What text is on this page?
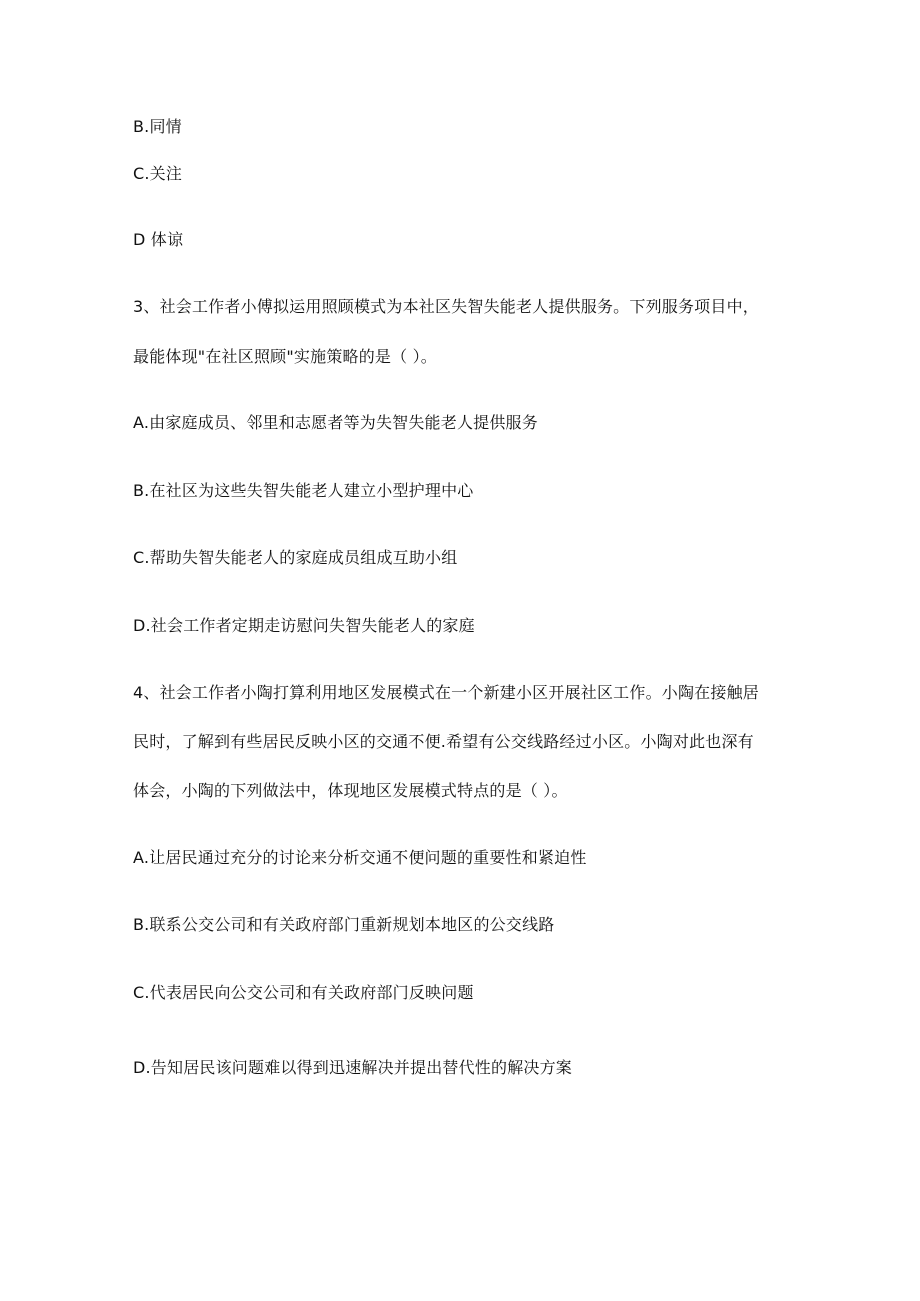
B.同情
C.关注
D 体谅
3、社会工作者小傅拟运用照顾模式为本社区失智失能老人提供服务。下列服务项目中，
最能体现"在社区照顾"实施策略的是（ ）。
A.由家庭成员、邻里和志愿者等为失智失能老人提供服务
B.在社区为这些失智失能老人建立小型护理中心
C.帮助失智失能老人的家庭成员组成互助小组
D.社会工作者定期走访慰问失智失能老人的家庭
4、社会工作者小陶打算利用地区发展模式在一个新建小区开展社区工作。小陶在接触居
民时，了解到有些居民反映小区的交通不便.希望有公交线路经过小区。小陶对此也深有
体会，小陶的下列做法中，体现地区发展模式特点的是（ ）。
A.让居民通过充分的讨论来分析交通不便问题的重要性和紧迫性
B.联系公交公司和有关政府部门重新规划本地区的公交线路
C.代表居民向公交公司和有关政府部门反映问题
D.告知居民该问题难以得到迅速解决并提出替代性的解决方案
